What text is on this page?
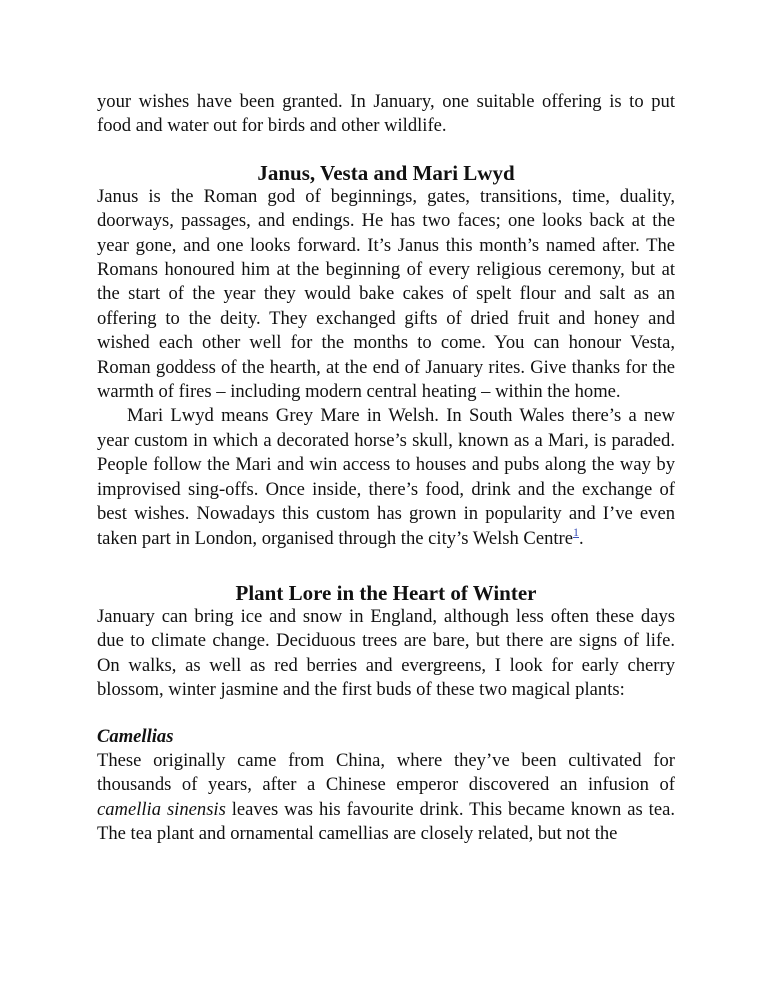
your wishes have been granted. In January, one suitable offering is to put food and water out for birds and other wildlife.

Janus, Vesta and Mari Lwyd

Janus is the Roman god of beginnings, gates, transitions, time, duality, doorways, passages, and endings. He has two faces; one looks back at the year gone, and one looks forward. It’s Janus this month’s named after. The Romans honoured him at the beginning of every religious ceremony, but at the start of the year they would bake cakes of spelt flour and salt as an offering to the deity. They exchanged gifts of dried fruit and honey and wished each other well for the months to come. You can honour Vesta, Roman goddess of the hearth, at the end of January rites. Give thanks for the warmth of fires – including modern central heating – within the home.

Mari Lwyd means Grey Mare in Welsh. In South Wales there’s a new year custom in which a decorated horse’s skull, known as a Mari, is paraded. People follow the Mari and win access to houses and pubs along the way by improvised sing-offs. Once inside, there’s food, drink and the exchange of best wishes. Nowadays this custom has grown in popularity and I’ve even taken part in London, organised through the city’s Welsh Centre$^1$.

Plant Lore in the Heart of Winter

January can bring ice and snow in England, although less often these days due to climate change. Deciduous trees are bare, but there are signs of life. On walks, as well as red berries and evergreens, I look for early cherry blossom, winter jasmine and the first buds of these two magical plants:

Camellias

These originally came from China, where they’ve been cultivated for thousands of years, after a Chinese emperor discovered an infusion of camellia sinensis leaves was his favourite drink. This became known as tea. The tea plant and ornamental camellias are closely related, but not the
